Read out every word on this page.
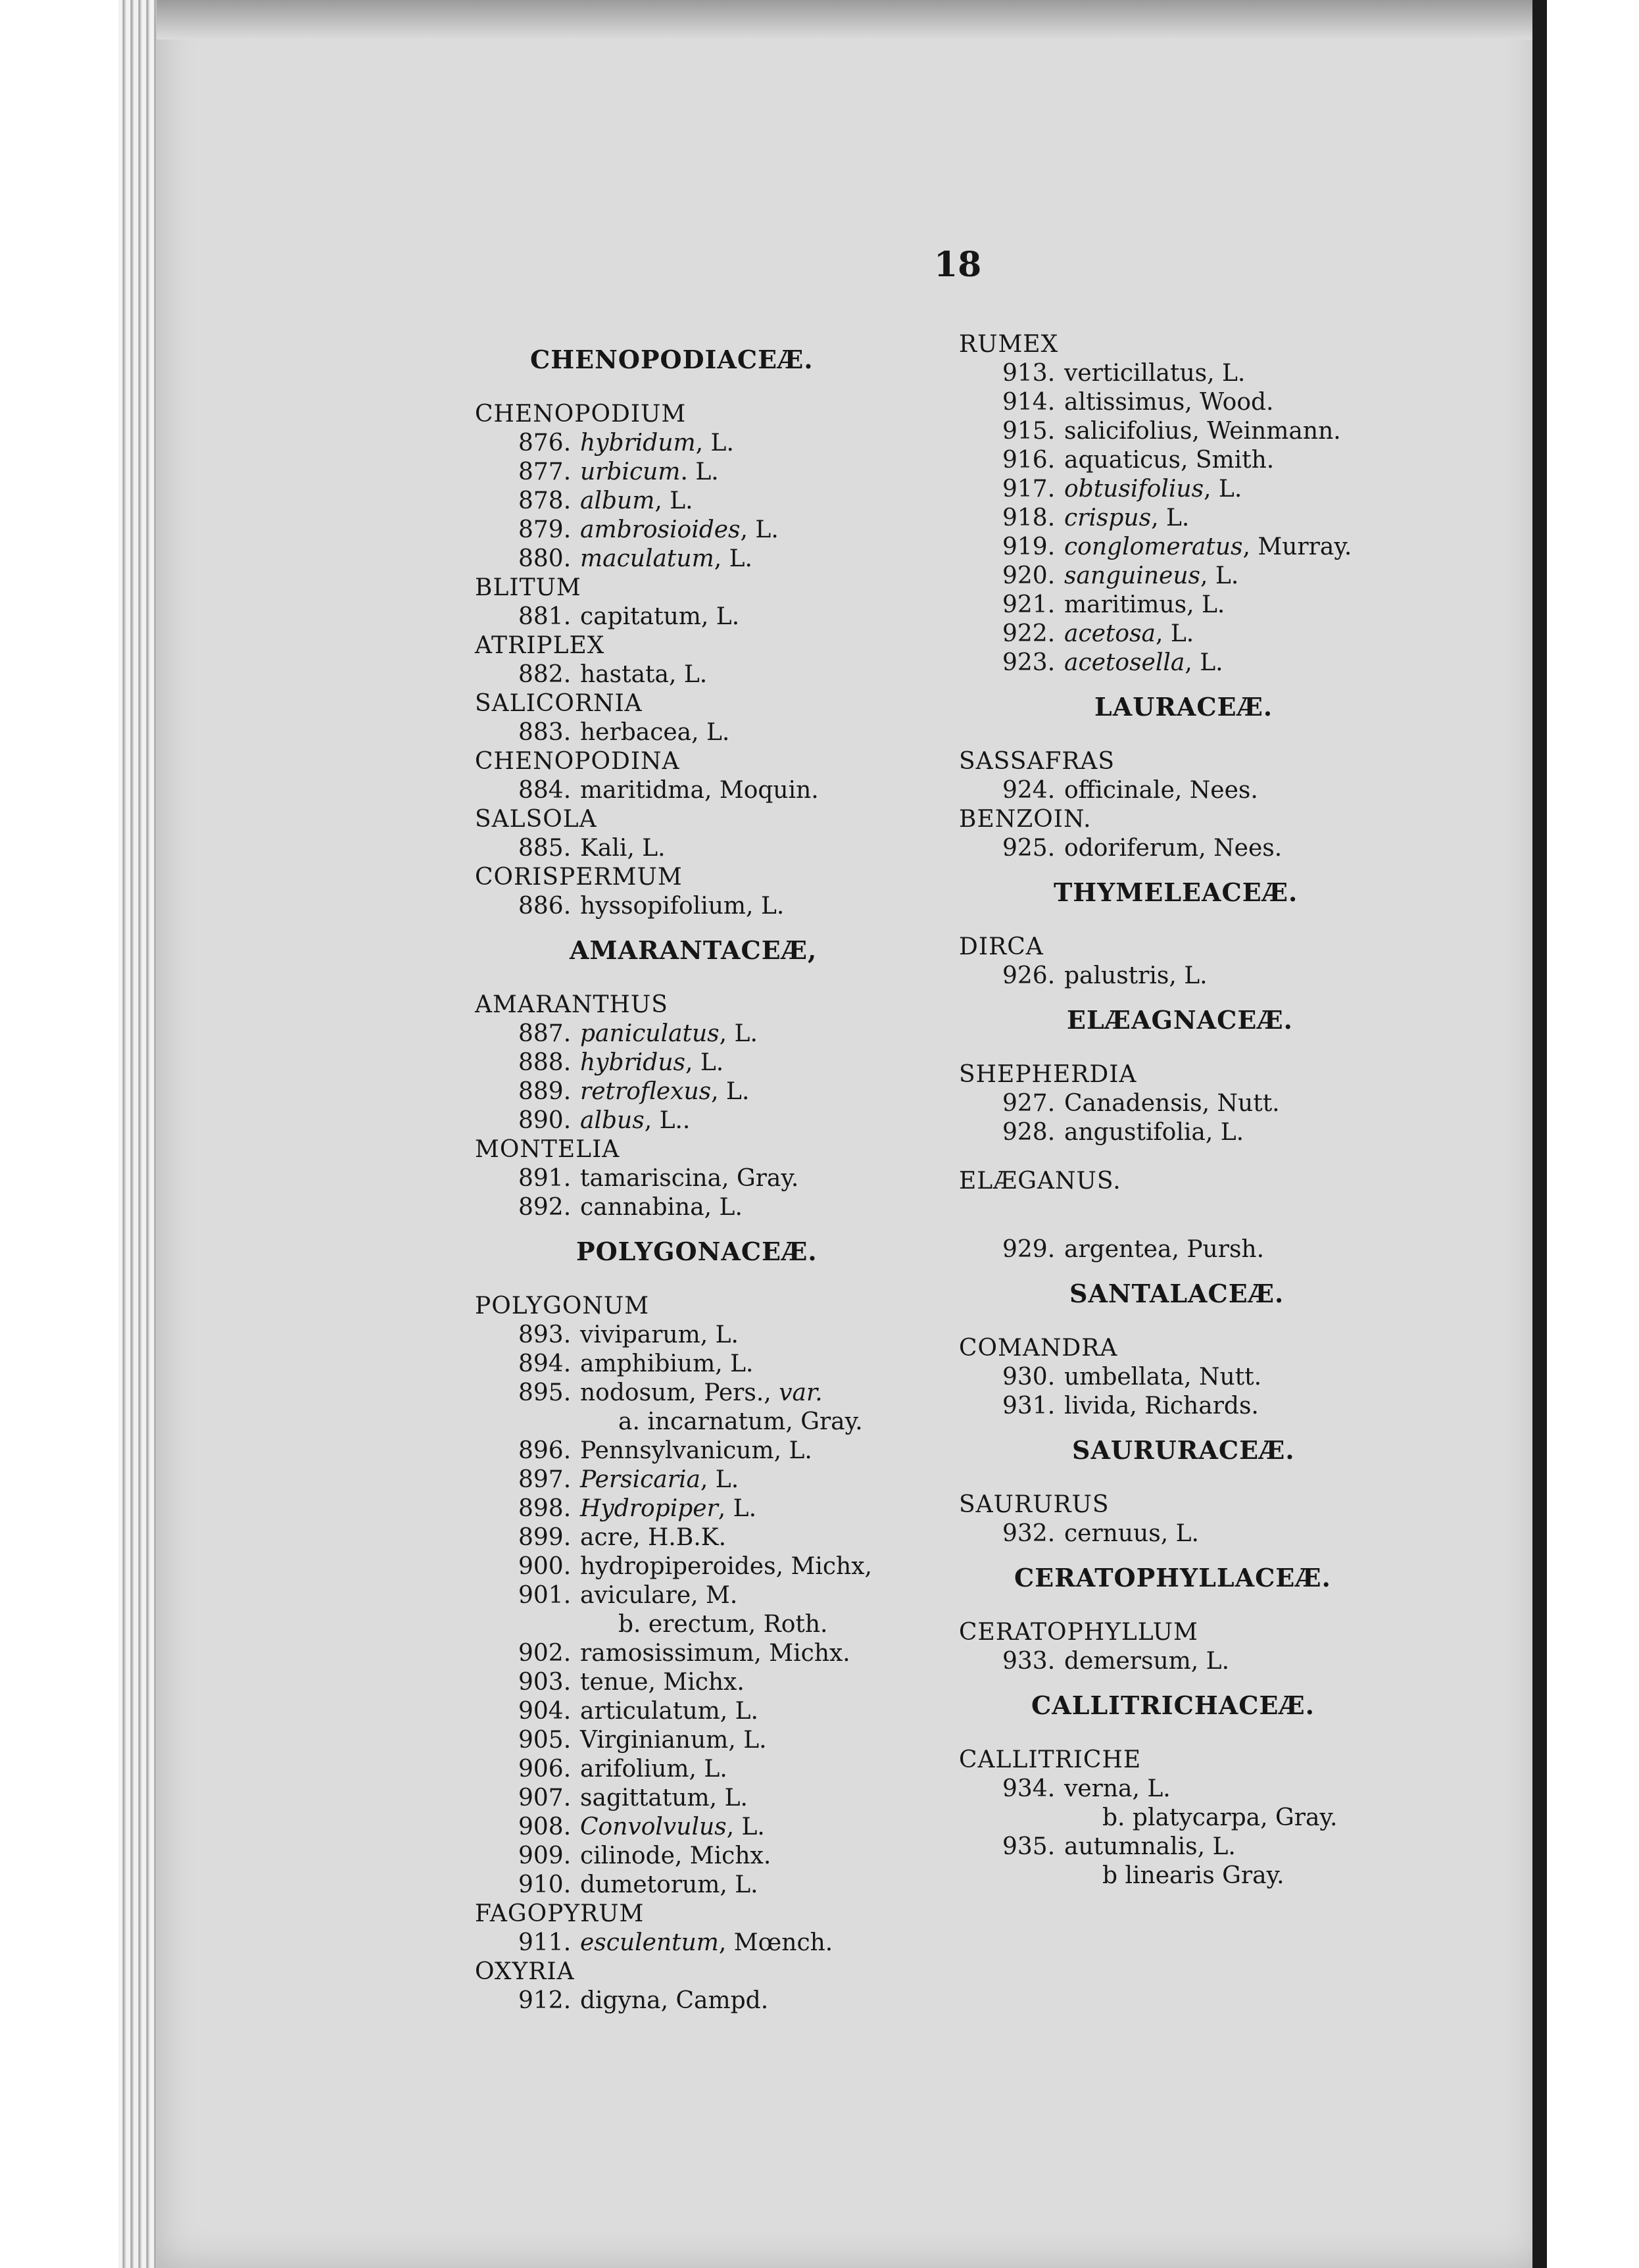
18
CHENOPODIACEÆ.
CHENOPODIUM
876. hybridum, L.
877. urbicum. L.
878. album, L.
879. ambrosioides, L.
880. maculatum, L.
BLITUM
881. capitatum, L.
ATRIPLEX
882. hastata, L.
SALICORNIA
883. herbacea, L.
CHENOPODINA
884. maritidma, Moquin.
SALSOLA
885. Kali, L.
CORISPERMUM
886. hyssopifolium, L.
AMARANTACEÆ,
AMARANTHUS
887. paniculatus, L.
888. hybridus, L.
889. retroflexus, L.
890. albus, L..
MONTELIA
891. tamariscina, Gray.
892. cannabina, L.
POLYGONACEÆ.
POLYGONUM
893. viviparum, L.
894. amphibium, L.
895. nodosum, Pers., var.
a. incarnatum, Gray.
896. Pennsylvanicum, L.
897. Persicaria, L.
898. Hydropiper, L.
899. acre, H.B.K.
900. hydropiperoides, Michx,
901. aviculare, M.
b. erectum, Roth.
902. ramosissimum, Michx.
903. tenue, Michx.
904. articulatum, L.
905. Virginianum, L.
906. arifolium, L.
907. sagittatum, L.
908. Convolvulus, L.
909. cilinode, Michx.
910. dumetorum, L.
FAGOPYRUM
911. esculentum, Mœnch.
OXYRIA
912. digyna, Campd.
RUMEX
913. verticillatus, L.
914. altissimus, Wood.
915. salicifolius, Weinmann.
916. aquaticus, Smith.
917. obtusifolius, L.
918. crispus, L.
919. conglomeratus, Murray.
920. sanguineus, L.
921. maritimus, L.
922. acetosa, L.
923. acetosella, L.
LAURACEÆ.
SASSAFRAS
924. officinale, Nees.
BENZOIN.
925. odoriferum, Nees.
THYMELEACEÆ.
DIRCA
926. palustris, L.
ELÆAGNACEÆ.
SHEPHERDIA
927. Canadensis, Nutt.
928. angustifolia, L.
ELÆGANUS.
929. argentea, Pursh.
SANTALACEÆ.
COMANDRA
930. umbellata, Nutt.
931. livida, Richards.
SAURURACEÆ.
SAURURUS
932. cernuus, L.
CERATOPHYLLACEÆ.
CERATOPHYLLUM
933. demersum, L.
CALLITRICHACEÆ.
CALLITRICHE
934. verna, L.
b. platycarpa, Gray.
935. autumnalis, L.
b linearis Gray.
